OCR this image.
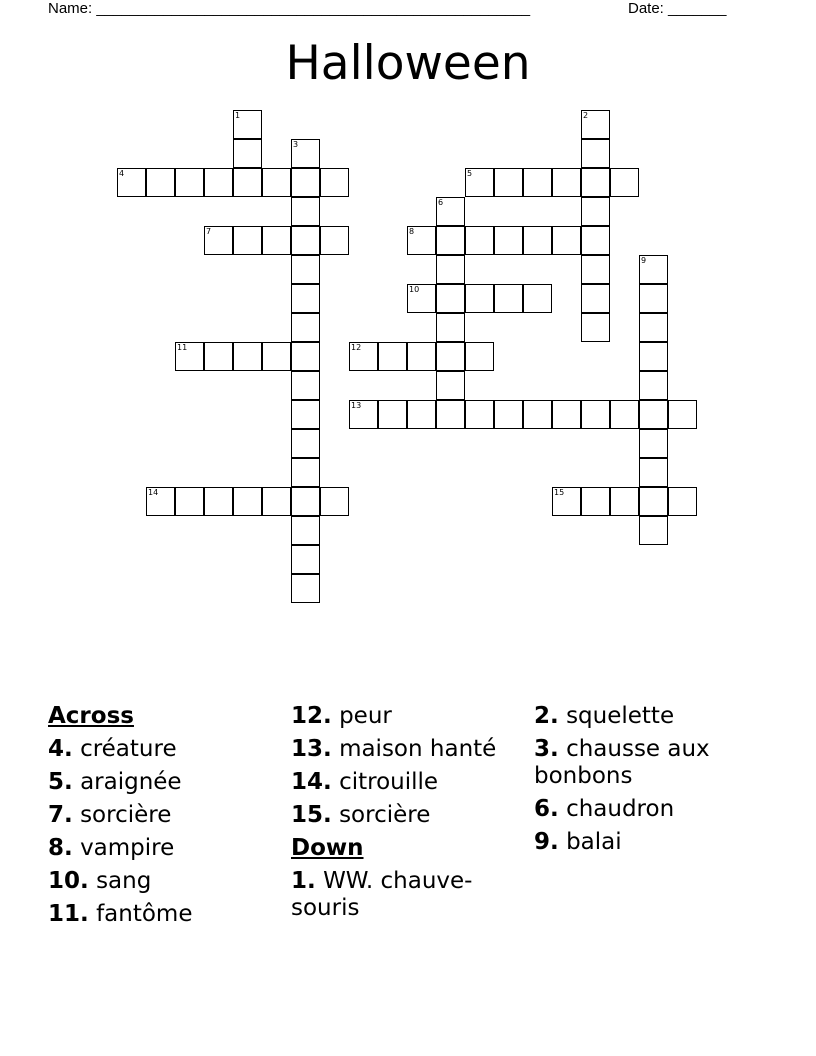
Name: ____________________________________________________	Date: _______
Halloween
1	2
3
4	5
6
7	8
9
10
11	12
13
14	15
Across
4. créature
5. araignée
7. sorcière
8. vampire
10. sang
11. fantôme
12. peur
13. maison hanté
14. citrouille
15. sorcière
Down
1. WW. chauve-souris
2. squelette
3. chausse aux bonbons
6. chaudron
9. balai
